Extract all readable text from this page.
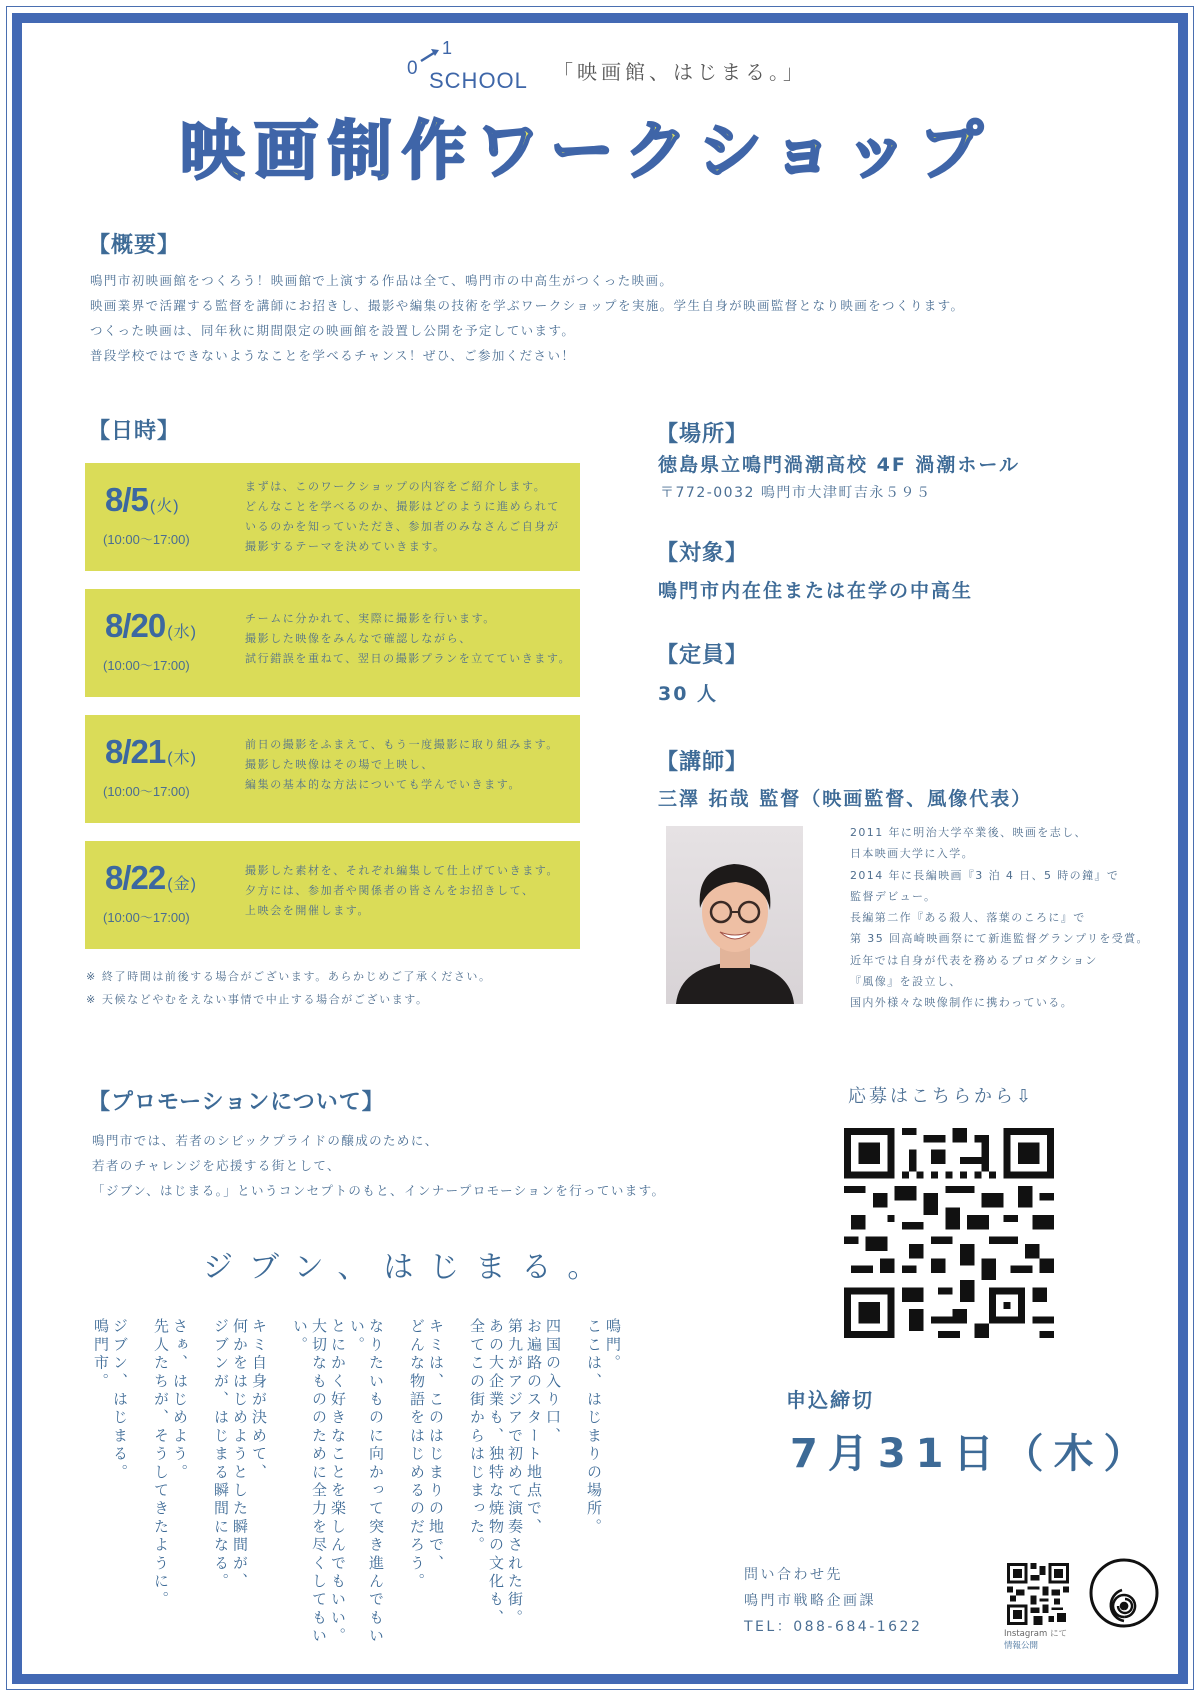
0
1
SCHOOL 「映画館、はじまる。」
映画制作ワークショップ
【概要】
鳴門市初映画館をつくろう！映画館で上演する作品は全て、鳴門市の中高生がつくった映画。
映画業界で活躍する監督を講師にお招きし、撮影や編集の技術を学ぶワークショップを実施。学生自身が映画監督となり映画をつくります。
つくった映画は、同年秋に期間限定の映画館を設置し公開を予定しています。
普段学校ではできないようなことを学べるチャンス！ぜひ、ご参加ください！
【日時】
8/5 (火)
(10:00〜17:00)
まずは、このワークショップの内容をご紹介します。
どんなことを学べるのか、撮影はどのように進められて
いるのかを知っていただき、参加者のみなさんご自身が
撮影するテーマを決めていきます。
8/20 (水)
(10:00〜17:00)
チームに分かれて、実際に撮影を行います。
撮影した映像をみんなで確認しながら、
試行錯誤を重ねて、翌日の撮影プランを立てていきます。
8/21 (木)
(10:00〜17:00)
前日の撮影をふまえて、もう一度撮影に取り組みます。
撮影した映像はその場で上映し、
編集の基本的な方法についても学んでいきます。
8/22 (金)
(10:00〜17:00)
撮影した素材を、それぞれ編集して仕上げていきます。
夕方には、参加者や関係者の皆さんをお招きして、
上映会を開催します。
※ 終了時間は前後する場合がございます。あらかじめご了承ください。
※ 天候などやむをえない事情で中止する場合がございます。
【場所】
徳島県立鳴門渦潮高校 4F 渦潮ホール
〒772-0032 鳴門市大津町吉永５９５
【対象】
鳴門市内在住または在学の中高生
【定員】
30 人
【講師】
三澤 拓哉 監督（映画監督、風像代表）
2011 年に明治大学卒業後、映画を志し、
日本映画大学に入学。
2014 年に長編映画『3 泊 4 日、5 時の鐘』で
監督デビュー。
長編第二作『ある殺人、落葉のころに』で
第 35 回高崎映画祭にて新進監督グランプリを受賞。
近年では自身が代表を務めるプロダクション
『風像』を設立し、
国内外様々な映像制作に携わっている。
【プロモーションについて】
鳴門市では、若者のシビックプライドの醸成のために、
若者のチャレンジを応援する街として、
「ジブン、はじまる。」というコンセプトのもと、インナープロモーションを行っています。
ジブン、はじまる。
鳴門。
ここは、はじまりの場所。
四国の入り口、
お遍路のスタート地点で、
第九がアジアで初めて演奏された街。
あの大企業も、独特な焼物の文化も、
全てこの街からはじまった。
キミは、このはじまりの地で、
どんな物語をはじめるのだろう。
なりたいものに向かって突き進んでもいい。
とにかく好きなことを楽しんでもいい。
大切なもののために全力を尽くしてもいい。
キミ自身が決めて、
何かをはじめようとした瞬間が、
ジブンが、はじまる瞬間になる。
さぁ、はじめよう。
先人たちが、そうしてきたように。
ジブン、はじまる。
鳴門市。
応募はこちらから⇩
申込締切
7月31日（木）
問い合わせ先
鳴門市戦略企画課
TEL：088-684-1622	Instagram にて
情報公開
